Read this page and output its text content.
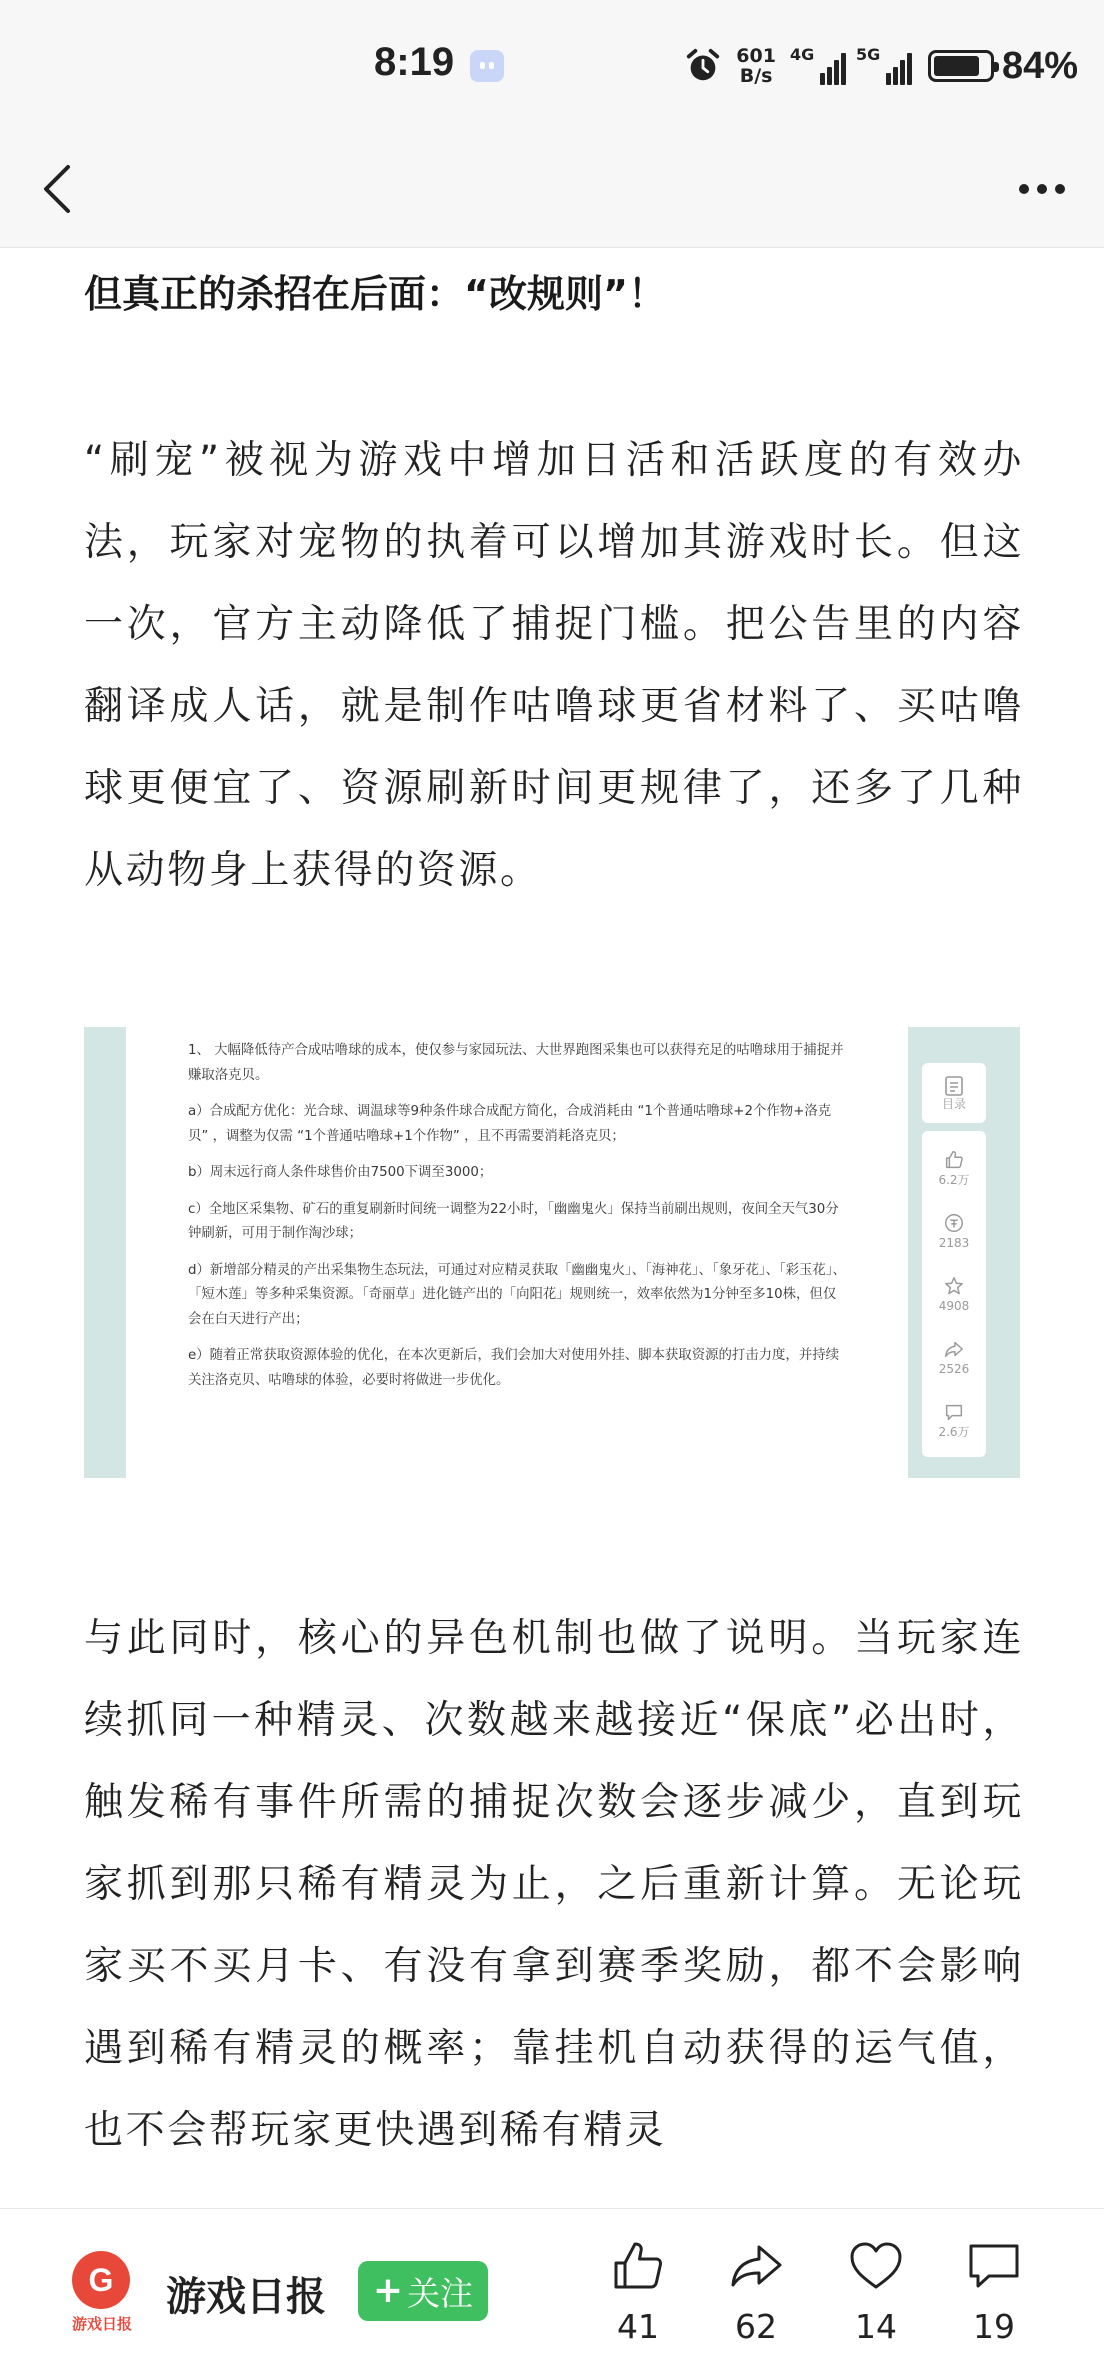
8:19	601
B/s
4G	5G	84%
但真正的杀招在后面：“改规则”！

“刷宠”被视为游戏中增加日活和活跃度的有效办法，玩家对宠物的执着可以增加其游戏时长。但这一次，官方主动降低了捕捉门槛。把公告里的内容翻译成人话，就是制作咕噜球更省材料了、买咕噜球更便宜了、资源刷新时间更规律了，还多了几种从动物身上获得的资源。

与此同时，核心的异色机制也做了说明。当玩家连续抓同一种精灵、次数越来越接近“保底”必出时，触发稀有事件所需的捕捉次数会逐步减少，直到玩家抓到那只稀有精灵为止，之后重新计算。无论玩家买不买月卡、有没有拿到赛季奖励，都不会影响遇到稀有精灵的概率；靠挂机自动获得的运气值，也不会帮玩家更快遇到稀有精灵

1、 大幅降低待产合成咕噜球的成本，使仅参与家园玩法、大世界跑图采集也可以获得充足的咕噜球用于捕捉并赚取洛克贝。

a）合成配方优化：光合球、调温球等9种条件球合成配方简化，合成消耗由 “1个普通咕噜球+2个作物+洛克贝” ，调整为仅需 “1个普通咕噜球+1个作物” ，且不再需要消耗洛克贝；

b）周末远行商人条件球售价由7500下调至3000；

c）全地区采集物、矿石的重复刷新时间统一调整为22小时，「幽幽鬼火」保持当前刷出规则，夜间全天气30分钟刷新，可用于制作淘沙球；

d）新增部分精灵的产出采集物生态玩法，可通过对应精灵获取「幽幽鬼火」、「海神花」、「象牙花」、「彩玉花」、「短木莲」等多种采集资源。「奇丽草」进化链产出的「向阳花」规则统一，效率依然为1分钟至多10株，但仅会在白天进行产出；

e）随着正常获取资源体验的优化，在本次更新后，我们会加大对使用外挂、脚本获取资源的打击力度，并持续关注洛克贝、咕噜球的体验，必要时将做进一步优化。

目录
6.2万
2183
4908
2526
2.6万
G
游戏日报
游戏日报 + 关注
41 62 14 19
